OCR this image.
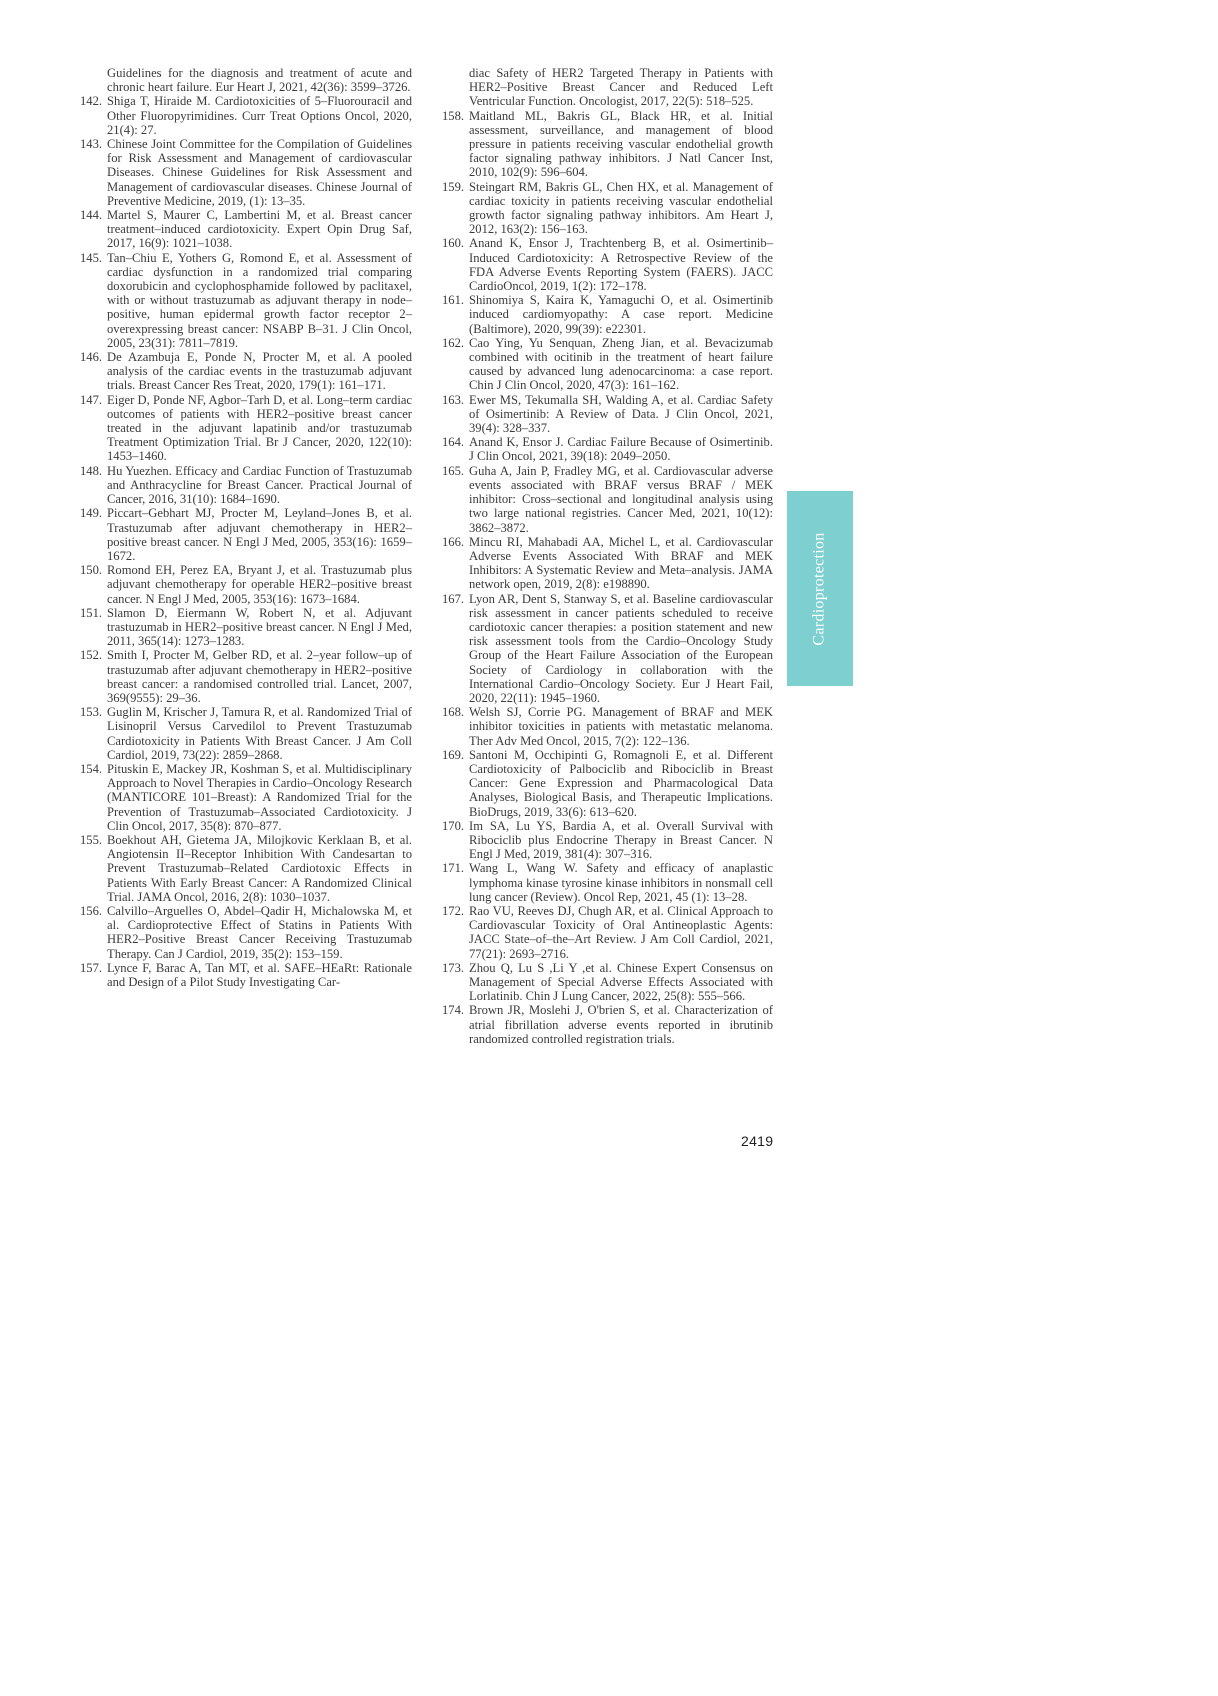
Guidelines for the diagnosis and treatment of acute and chronic heart failure. Eur Heart J, 2021, 42(36): 3599–3726.

142. Shiga T, Hiraide M. Cardiotoxicities of 5–Fluorouracil and Other Fluoropyrimidines. Curr Treat Options Oncol, 2020, 21(4): 27.

143. Chinese Joint Committee for the Compilation of Guidelines for Risk Assessment and Management of cardiovascular Diseases. Chinese Guidelines for Risk Assessment and Management of cardiovascular diseases. Chinese Journal of Preventive Medicine, 2019, (1): 13–35.

144. Martel S, Maurer C, Lambertini M, et al. Breast cancer treatment–induced cardiotoxicity. Expert Opin Drug Saf, 2017, 16(9): 1021–1038.

145. Tan–Chiu E, Yothers G, Romond E, et al. Assessment of cardiac dysfunction in a randomized trial comparing doxorubicin and cyclophosphamide followed by paclitaxel, with or without trastuzumab as adjuvant therapy in node–positive, human epidermal growth factor receptor 2–overexpressing breast cancer: NSABP B–31. J Clin Oncol, 2005, 23(31): 7811–7819.

146. De Azambuja E, Ponde N, Procter M, et al. A pooled analysis of the cardiac events in the trastuzumab adjuvant trials. Breast Cancer Res Treat, 2020, 179(1): 161–171.

147. Eiger D, Ponde NF, Agbor–Tarh D, et al. Long–term cardiac outcomes of patients with HER2–positive breast cancer treated in the adjuvant lapatinib and/or trastuzumab Treatment Optimization Trial. Br J Cancer, 2020, 122(10): 1453–1460.

148. Hu Yuezhen. Efficacy and Cardiac Function of Trastuzumab and Anthracycline for Breast Cancer. Practical Journal of Cancer, 2016, 31(10): 1684–1690.

149. Piccart–Gebhart MJ, Procter M, Leyland–Jones B, et al. Trastuzumab after adjuvant chemotherapy in HER2–positive breast cancer. N Engl J Med, 2005, 353(16): 1659–1672.

150. Romond EH, Perez EA, Bryant J, et al. Trastuzumab plus adjuvant chemotherapy for operable HER2–positive breast cancer. N Engl J Med, 2005, 353(16): 1673–1684.

151. Slamon D, Eiermann W, Robert N, et al. Adjuvant trastuzumab in HER2–positive breast cancer. N Engl J Med, 2011, 365(14): 1273–1283.

152. Smith I, Procter M, Gelber RD, et al. 2–year follow–up of trastuzumab after adjuvant chemotherapy in HER2–positive breast cancer: a randomised controlled trial. Lancet, 2007, 369(9555): 29–36.

153. Guglin M, Krischer J, Tamura R, et al. Randomized Trial of Lisinopril Versus Carvedilol to Prevent Trastuzumab Cardiotoxicity in Patients With Breast Cancer. J Am Coll Cardiol, 2019, 73(22): 2859–2868.

154. Pituskin E, Mackey JR, Koshman S, et al. Multidisciplinary Approach to Novel Therapies in Cardio–Oncology Research (MANTICORE 101–Breast): A Randomized Trial for the Prevention of Trastuzumab–Associated Cardiotoxicity. J Clin Oncol, 2017, 35(8): 870–877.

155. Boekhout AH, Gietema JA, Milojkovic Kerklaan B, et al. Angiotensin II–Receptor Inhibition With Candesartan to Prevent Trastuzumab–Related Cardiotoxic Effects in Patients With Early Breast Cancer: A Randomized Clinical Trial. JAMA Oncol, 2016, 2(8): 1030–1037.

156. Calvillo–Arguelles O, Abdel–Qadir H, Michalowska M, et al. Cardioprotective Effect of Statins in Patients With HER2–Positive Breast Cancer Receiving Trastuzumab Therapy. Can J Cardiol, 2019, 35(2): 153–159.

157. Lynce F, Barac A, Tan MT, et al. SAFE–HEaRt: Rationale and Design of a Pilot Study Investigating Car-

diac Safety of HER2 Targeted Therapy in Patients with HER2–Positive Breast Cancer and Reduced Left Ventricular Function. Oncologist, 2017, 22(5): 518–525.

158. Maitland ML, Bakris GL, Black HR, et al. Initial assessment, surveillance, and management of blood pressure in patients receiving vascular endothelial growth factor signaling pathway inhibitors. J Natl Cancer Inst, 2010, 102(9): 596–604.

159. Steingart RM, Bakris GL, Chen HX, et al. Management of cardiac toxicity in patients receiving vascular endothelial growth factor signaling pathway inhibitors. Am Heart J, 2012, 163(2): 156–163.

160. Anand K, Ensor J, Trachtenberg B, et al. Osimertinib–Induced Cardiotoxicity: A Retrospective Review of the FDA Adverse Events Reporting System (FAERS). JACC CardioOncol, 2019, 1(2): 172–178.

161. Shinomiya S, Kaira K, Yamaguchi O, et al. Osimertinib induced cardiomyopathy: A case report. Medicine (Baltimore), 2020, 99(39): e22301.

162. Cao Ying, Yu Senquan, Zheng Jian, et al. Bevacizumab combined with ocitinib in the treatment of heart failure caused by advanced lung adenocarcinoma: a case report. Chin J Clin Oncol, 2020, 47(3): 161–162.

163. Ewer MS, Tekumalla SH, Walding A, et al. Cardiac Safety of Osimertinib: A Review of Data. J Clin Oncol, 2021, 39(4): 328–337.

164. Anand K, Ensor J. Cardiac Failure Because of Osimertinib. J Clin Oncol, 2021, 39(18): 2049–2050.

165. Guha A, Jain P, Fradley MG, et al. Cardiovascular adverse events associated with BRAF versus BRAF / MEK inhibitor: Cross–sectional and longitudinal analysis using two large national registries. Cancer Med, 2021, 10(12): 3862–3872.

166. Mincu RI, Mahabadi AA, Michel L, et al. Cardiovascular Adverse Events Associated With BRAF and MEK Inhibitors: A Systematic Review and Meta–analysis. JAMA network open, 2019, 2(8): e198890.

167. Lyon AR, Dent S, Stanway S, et al. Baseline cardiovascular risk assessment in cancer patients scheduled to receive cardiotoxic cancer therapies: a position statement and new risk assessment tools from the Cardio–Oncology Study Group of the Heart Failure Association of the European Society of Cardiology in collaboration with the International Cardio–Oncology Society. Eur J Heart Fail, 2020, 22(11): 1945–1960.

168. Welsh SJ, Corrie PG. Management of BRAF and MEK inhibitor toxicities in patients with metastatic melanoma. Ther Adv Med Oncol, 2015, 7(2): 122–136.

169. Santoni M, Occhipinti G, Romagnoli E, et al. Different Cardiotoxicity of Palbociclib and Ribociclib in Breast Cancer: Gene Expression and Pharmacological Data Analyses, Biological Basis, and Therapeutic Implications. BioDrugs, 2019, 33(6): 613–620.

170. Im SA, Lu YS, Bardia A, et al. Overall Survival with Ribociclib plus Endocrine Therapy in Breast Cancer. N Engl J Med, 2019, 381(4): 307–316.

171. Wang L, Wang W. Safety and efficacy of anaplastic lymphoma kinase tyrosine kinase inhibitors in nonsmall cell lung cancer (Review). Oncol Rep, 2021, 45 (1): 13–28.

172. Rao VU, Reeves DJ, Chugh AR, et al. Clinical Approach to Cardiovascular Toxicity of Oral Antineoplastic Agents: JACC State–of–the–Art Review. J Am Coll Cardiol, 2021, 77(21): 2693–2716.

173. Zhou Q, Lu S ,Li Y ,et al. Chinese Expert Consensus on Management of Special Adverse Effects Associated with Lorlatinib. Chin J Lung Cancer, 2022, 25(8): 555–566.

174. Brown JR, Moslehi J, O'brien S, et al. Characterization of atrial fibrillation adverse events reported in ibrutinib randomized controlled registration trials.

Cardioprotection
2419
